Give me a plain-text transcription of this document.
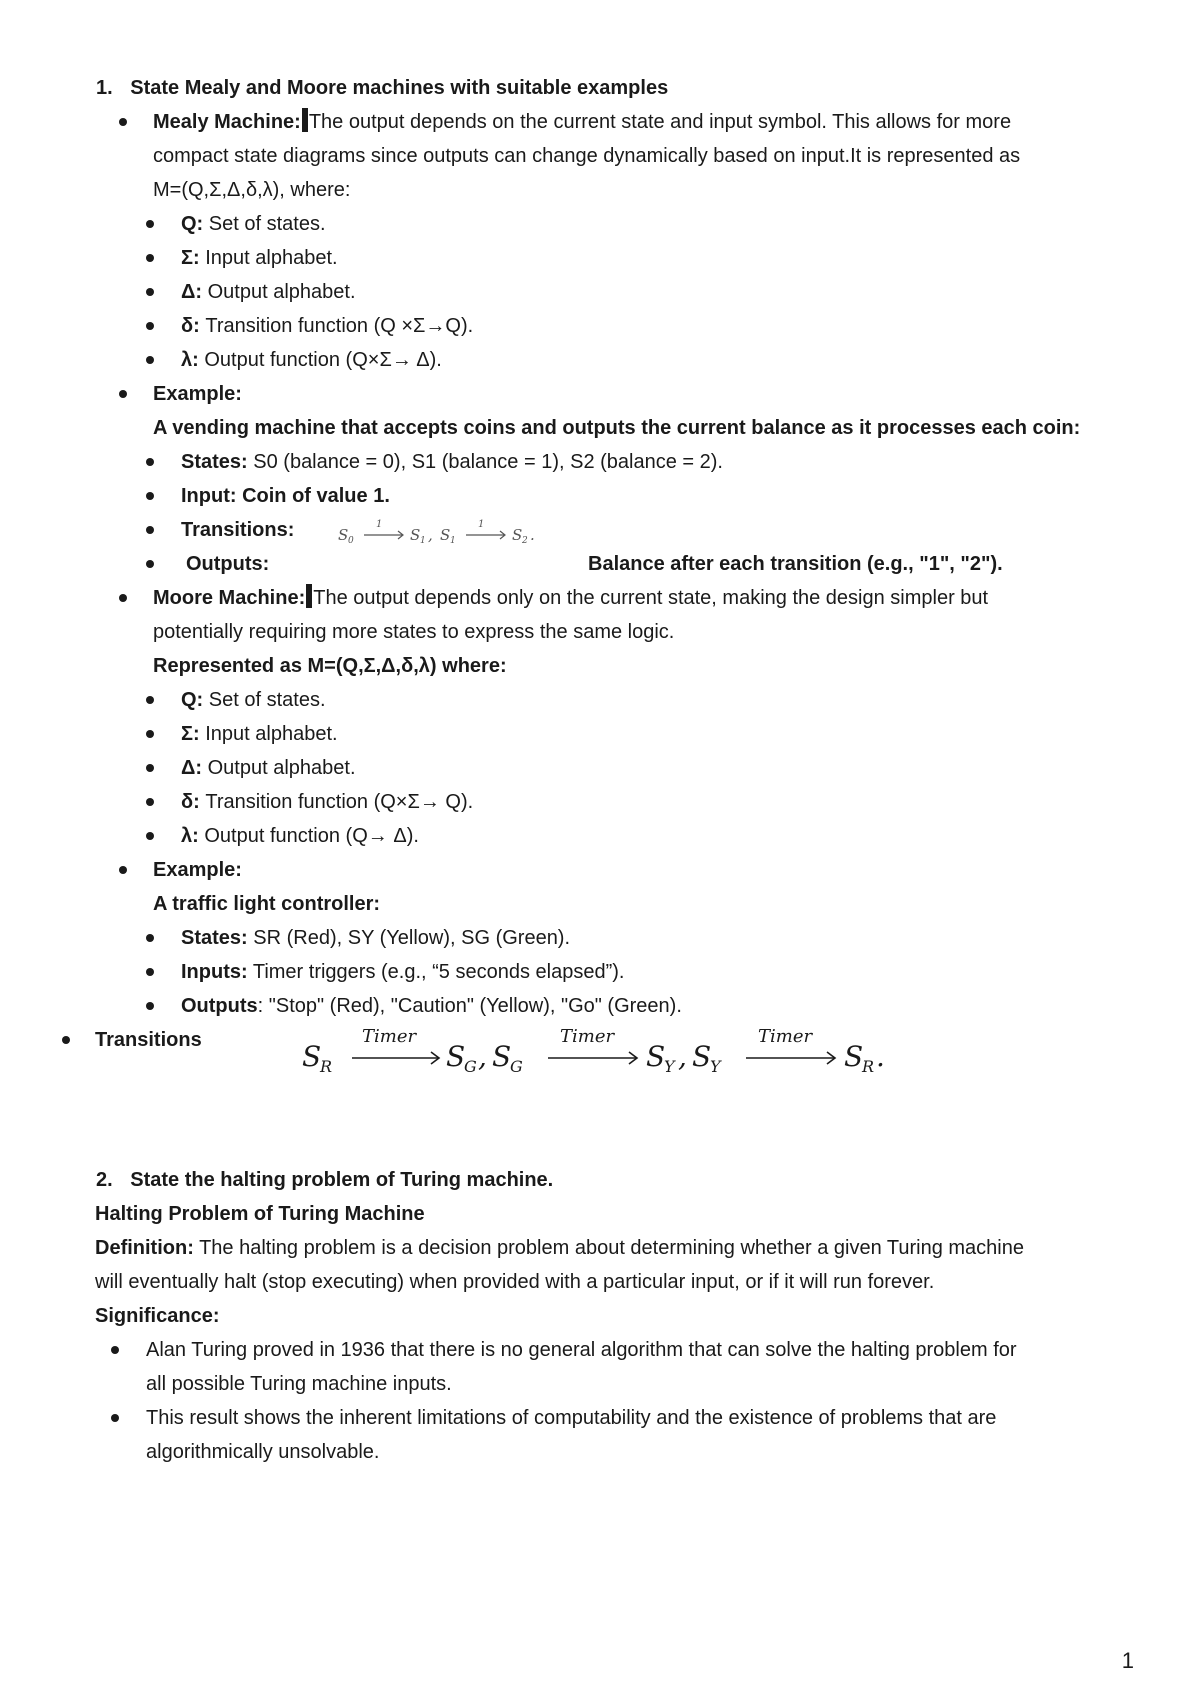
1. State Mealy and Moore machines with suitable examples
Mealy Machine: The output depends on the current state and input symbol. This allows for more
compact state diagrams since outputs can change dynamically based on input.It is represented as
M=(Q,Σ,Δ,δ,λ), where:
Q: Set of states.
Σ: Input alphabet.
Δ: Output alphabet.
δ: Transition function (Q ×Σ→Q).
λ: Output function (Q×Σ→ Δ).
Example:
A vending machine that accepts coins and outputs the current balance as it processes each coin:
States: S0 (balance = 0), S1 (balance = 1), S2 (balance = 2).
Input: Coin of value 1.
Transitions:	S 0
1
S 1 , S 1
1
S 2 .
Outputs:	Balance after each transition (e.g., "1", "2").
Moore Machine: The output depends only on the current state, making the design simpler but
potentially requiring more states to express the same logic.
Represented as M=(Q,Σ,Δ,δ,λ) where:
Q: Set of states.
Σ: Input alphabet.
Δ: Output alphabet.
δ: Transition function (Q×Σ→ Q).
λ: Output function (Q→ Δ).
Example:
A traffic light controller:
States: SR (Red), SY (Yellow), SG (Green).
Inputs: Timer triggers (e.g., “5 seconds elapsed”).
Outputs: "Stop" (Red), "Caution" (Yellow), "Go" (Green).
Transitions	S
R
Timer
S
G , S
G
Timer
S
Y , S
Y
Timer
S
R .
2. State the halting problem of Turing machine.
Halting Problem of Turing Machine
Definition: The halting problem is a decision problem about determining whether a given Turing machine
will eventually halt (stop executing) when provided with a particular input, or if it will run forever.
Significance:
Alan Turing proved in 1936 that there is no general algorithm that can solve the halting problem for
all possible Turing machine inputs.
This result shows the inherent limitations of computability and the existence of problems that are
algorithmically unsolvable.
1
